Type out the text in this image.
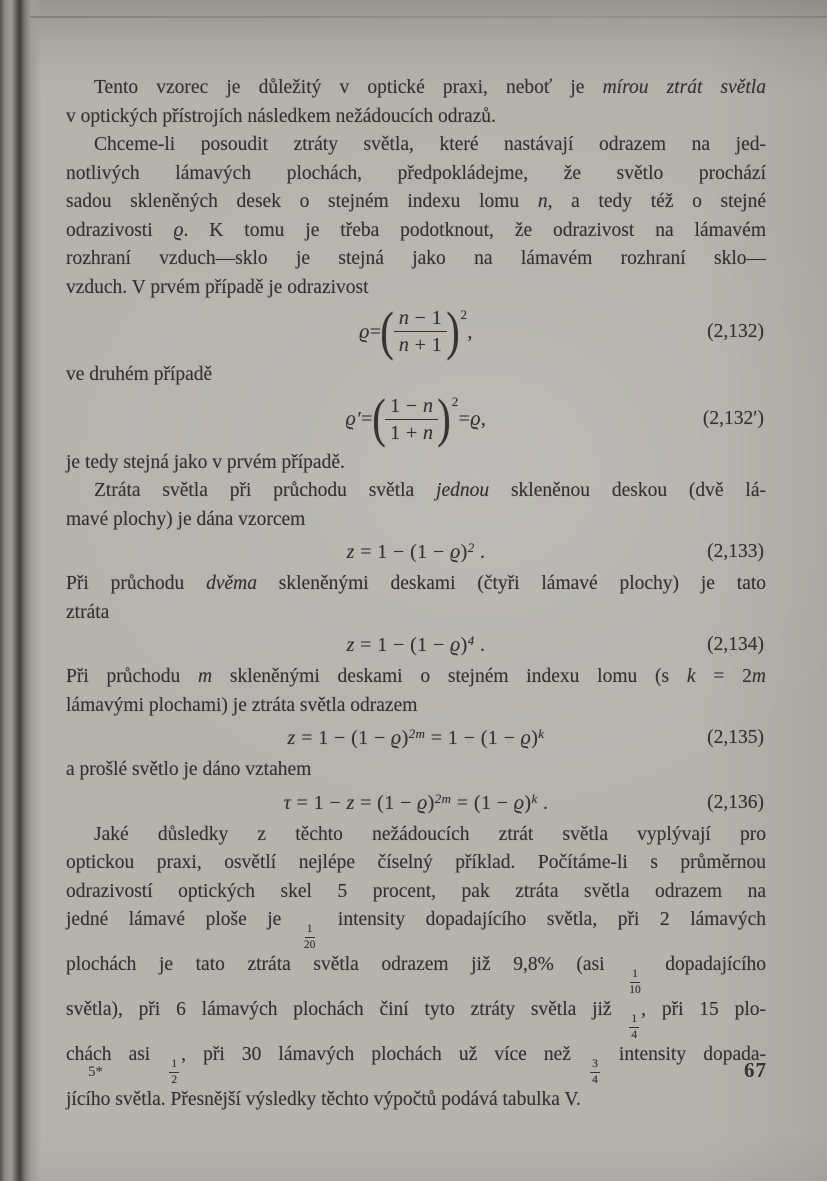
Tento vzorec je důležitý v optické praxi, neboť je mírou ztrát světla
v optických přístrojích následkem nežádoucích odrazů.
Chceme-li posoudit ztráty světla, které nastávají odrazem na jed-
notlivých lámavých plochách, předpokládejme, že světlo prochází
sadou skleněných desek o stejném indexu lomu n, a tedy též o stejné
odrazivosti ϱ. K tomu je třeba podotknout, že odrazivost na lámavém
rozhraní vzduch—sklo je stejná jako na lámavém rozhraní sklo—
vzduch. V prvém případě je odrazivost
ϱ = ( $\frac{n - 1}{n + 1}$ ) 2
,	(2,132)
ve druhém případě
ϱ′ = ( $\frac{1 - n}{1 + n}$ ) 2
= ϱ ,	(2,132′)
je tedy stejná jako v prvém případě.
Ztráta světla při průchodu světla jednou skleněnou deskou (dvě lá-
mavé plochy) je dána vzorcem
$z = 1 - (1 - ϱ)^2$ .	(2,133)
Při průchodu dvěma skleněnými deskami (čtyři lámavé plochy) je tato
ztráta
$z = 1 - (1 - ϱ)^4$ .	(2,134)
Při průchodu m skleněnými deskami o stejném indexu lomu (s k = 2m
lámavými plochami) je ztráta světla odrazem
$z = 1 - (1 - ϱ)^{2m} = 1 - (1 - ϱ)^k$	(2,135)
a prošlé světlo je dáno vztahem
$\tau = 1 - z = (1 - ϱ)^{2m} = (1 - ϱ)^k$ .	(2,136)
Jaké důsledky z těchto nežádoucích ztrát světla vyplývají pro
optickou praxi, osvětlí nejlépe číselný příklad. Počítáme-li s průměrnou
odrazivostí optických skel 5 procent, pak ztráta světla odrazem na
jedné lámavé ploše je
$\frac{1}{20}$
intensity dopadajícího světla, při 2 lámavých
plochách je tato ztráta světla odrazem již 9,8% (asi
$\frac{1}{10}$
dopadajícího
světla), při 6 lámavých plochách činí tyto ztráty světla již
$\frac{1}{4}$
, při 15 plo-
chách asi
$\frac{1}{2}$
, při 30 lámavých plochách už více než
$\frac{3}{4}$
intensity dopada-
jícího světla. Přesnější výsledky těchto výpočtů podává tabulka V.
5*	67
